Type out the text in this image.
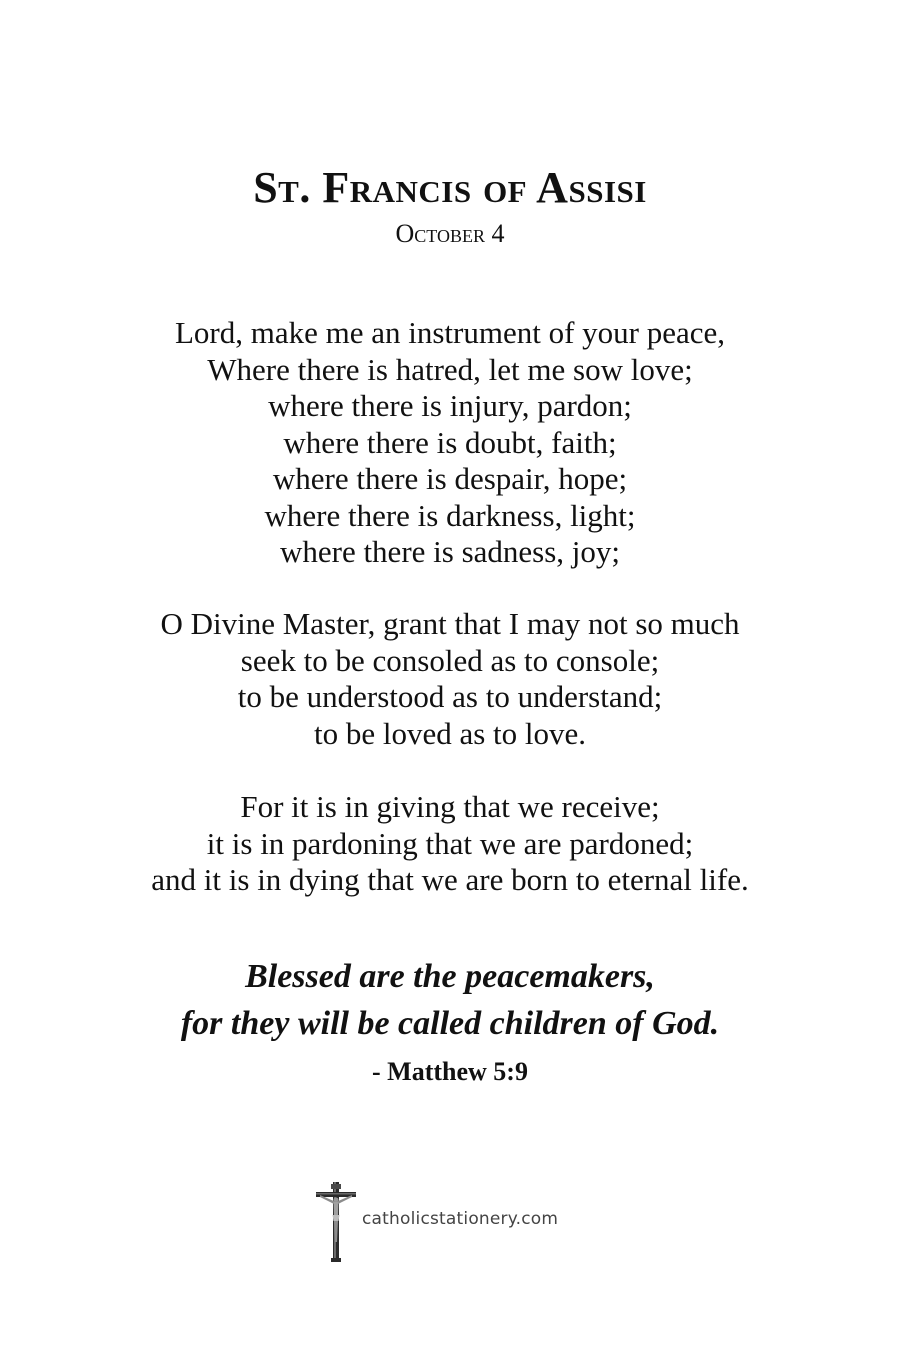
St. Francis of Assisi
October 4

Lord, make me an instrument of your peace,
Where there is hatred, let me sow love;
where there is injury, pardon;
where there is doubt, faith;
where there is despair, hope;
where there is darkness, light;
where there is sadness, joy;

O Divine Master, grant that I may not so much
seek to be consoled as to console;
to be understood as to understand;
to be loved as to love.

For it is in giving that we receive;
it is in pardoning that we are pardoned;
and it is in dying that we are born to eternal life.

Blessed are the peacemakers,
for they will be called children of God.

- Matthew 5:9
catholicstationery.com
